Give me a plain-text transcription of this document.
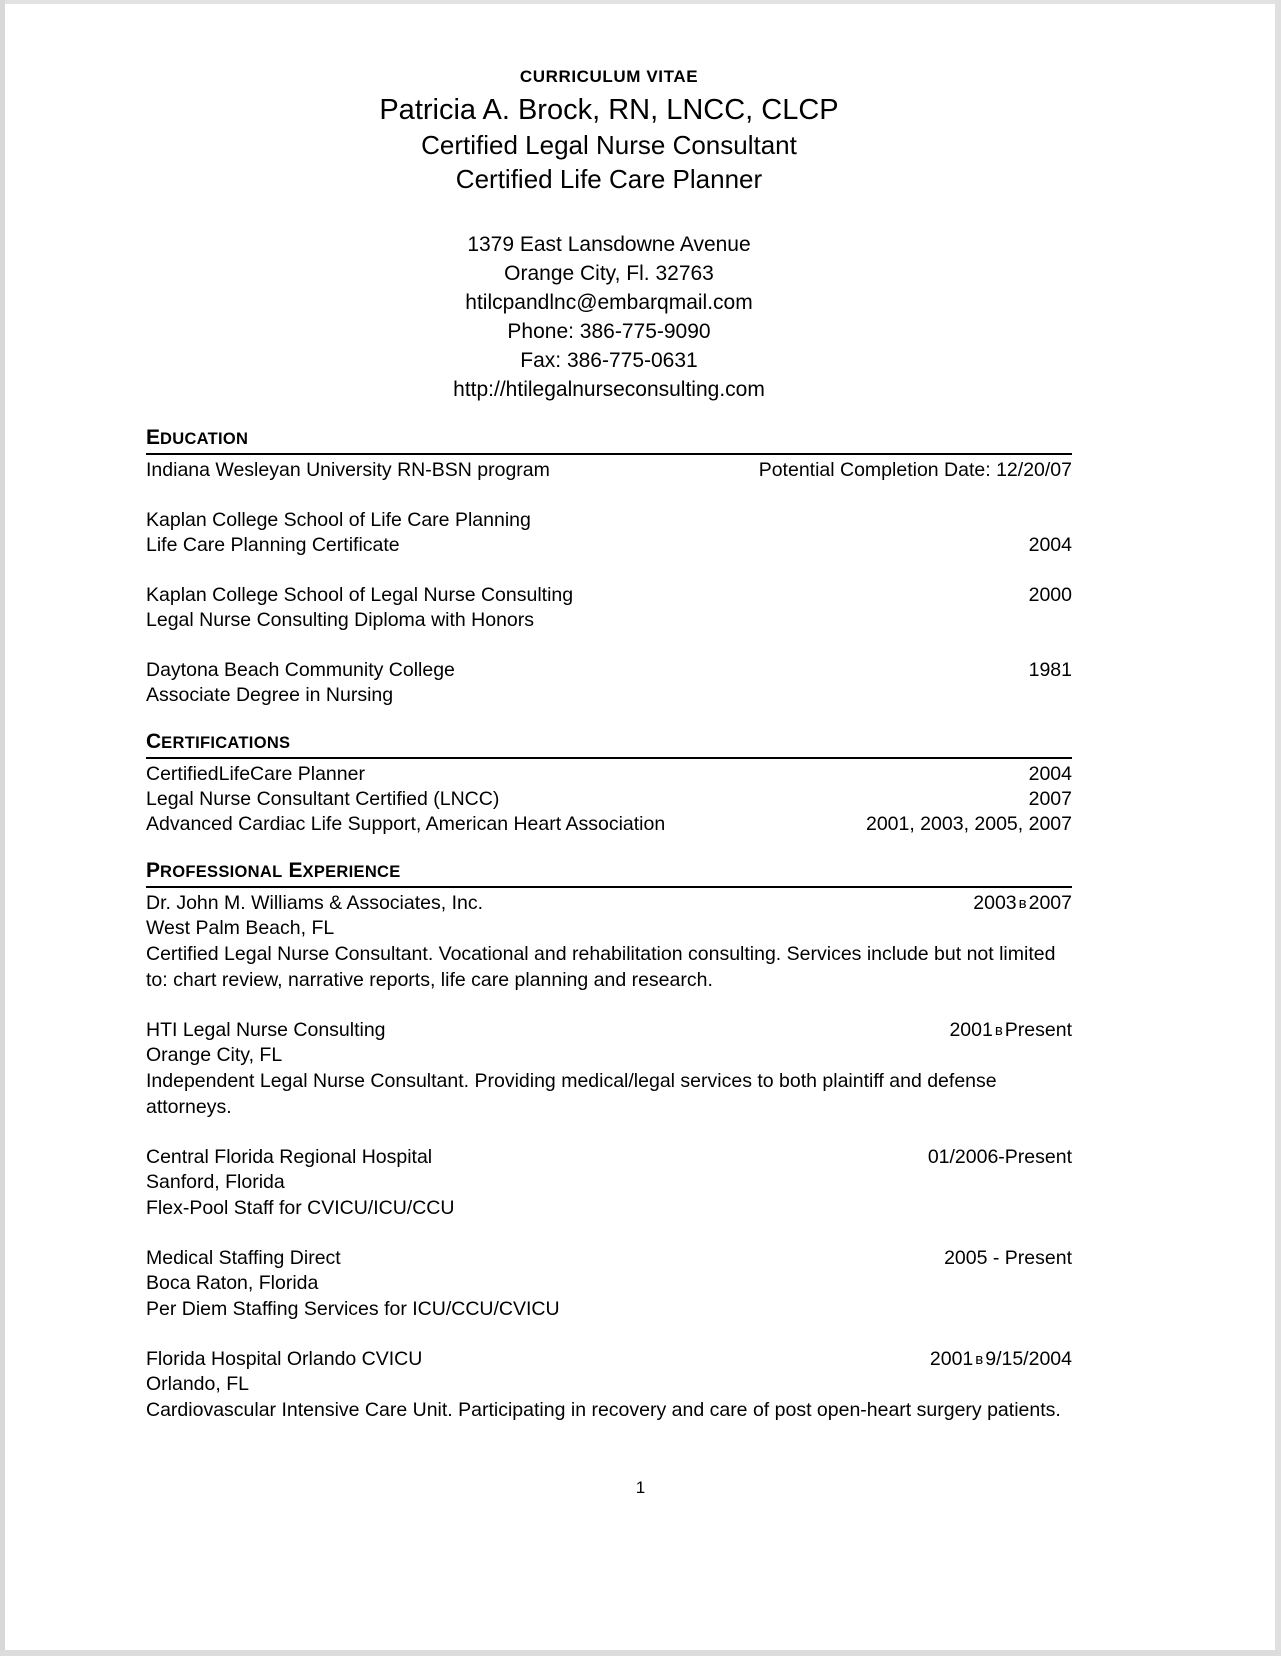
CURRICULUM VITAE
Patricia A. Brock, RN, LNCC, CLCP
Certified Legal Nurse Consultant
Certified Life Care Planner
1379 East Lansdowne Avenue
Orange City, Fl. 32763
htilcpandlnc@embarqmail.com
Phone: 386-775-9090
Fax: 386-775-0631
http://htilegalnurseconsulting.com
EDUCATION
Indiana Wesleyan University RN-BSN program	Potential Completion Date: 12/20/07
Kaplan College School of Life Care Planning
Life Care Planning Certificate	2004
Kaplan College School of Legal Nurse Consulting	2000
Legal Nurse Consulting Diploma with Honors
Daytona Beach Community College	1981
Associate Degree in Nursing
CERTIFICATIONS
CertifiedLifeCare Planner	2004
Legal Nurse Consultant Certified (LNCC)	2007
Advanced Cardiac Life Support, American Heart Association	2001, 2003, 2005, 2007
PROFESSIONAL EXPERIENCE
Dr. John M. Williams & Associates, Inc.	2003 ʙ 2007
West Palm Beach, FL
Certified Legal Nurse Consultant. Vocational and rehabilitation consulting. Services include but not limited to: chart review, narrative reports, life care planning and research.
HTI Legal Nurse Consulting	2001 ʙ Present
Orange City, FL
Independent Legal Nurse Consultant. Providing medical/legal services to both plaintiff and defense attorneys.
Central Florida Regional Hospital	01/2006-Present
Sanford, Florida
Flex-Pool Staff for CVICU/ICU/CCU
Medical Staffing Direct	2005 - Present
Boca Raton, Florida
Per Diem Staffing Services for ICU/CCU/CVICU
Florida Hospital Orlando CVICU	2001 ʙ 9/15/2004
Orlando, FL
Cardiovascular Intensive Care Unit. Participating in recovery and care of post open-heart surgery patients.
1
